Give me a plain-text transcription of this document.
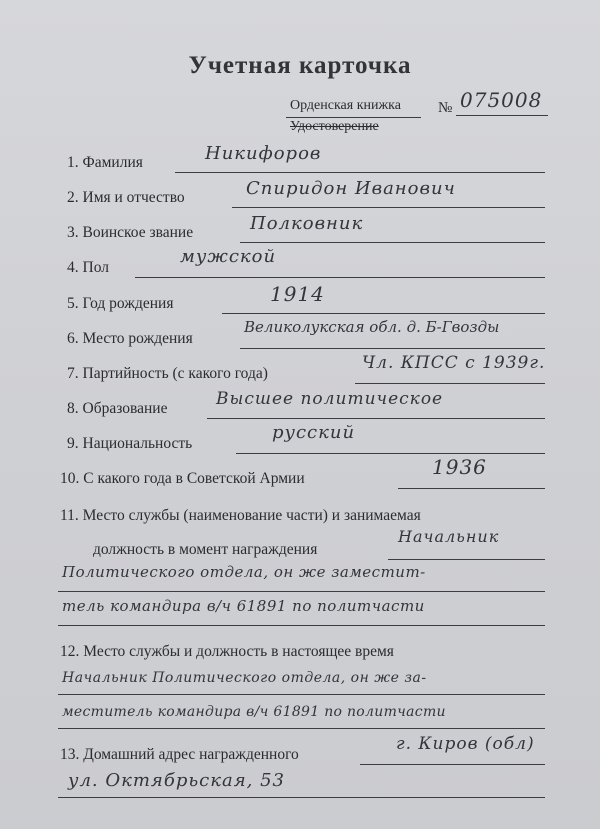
Учетная карточка
Орденская книжка
Удостоверение
№ 075008
1. Фамилия	Никифоров
2. Имя и отчество	Спиридон Иванович
3. Воинское звание	Полковник
4. Пол
мужской
5. Год рождения	1914
6. Место рождения
Великолукская обл. д. Б-Гвозды
7. Партийность (с какого года)
Чл. КПСС с 1939г.
8. Образование	Высшее политическое
9. Национальность
русский
10. С какого года в Советской Армии	1936
11. Место службы (наименование части) и занимаемая
должность в момент награждения
Начальник
Политического отдела, он же заместит-
тель командира в/ч 61891 по политчасти
12. Место службы и должность в настоящее время
Начальник Политического отдела, он же за-
меститель командира в/ч 61891 по политчасти
13. Домашний адрес награжденного
г. Киров (обл)
ул. Октябрьская, 53
